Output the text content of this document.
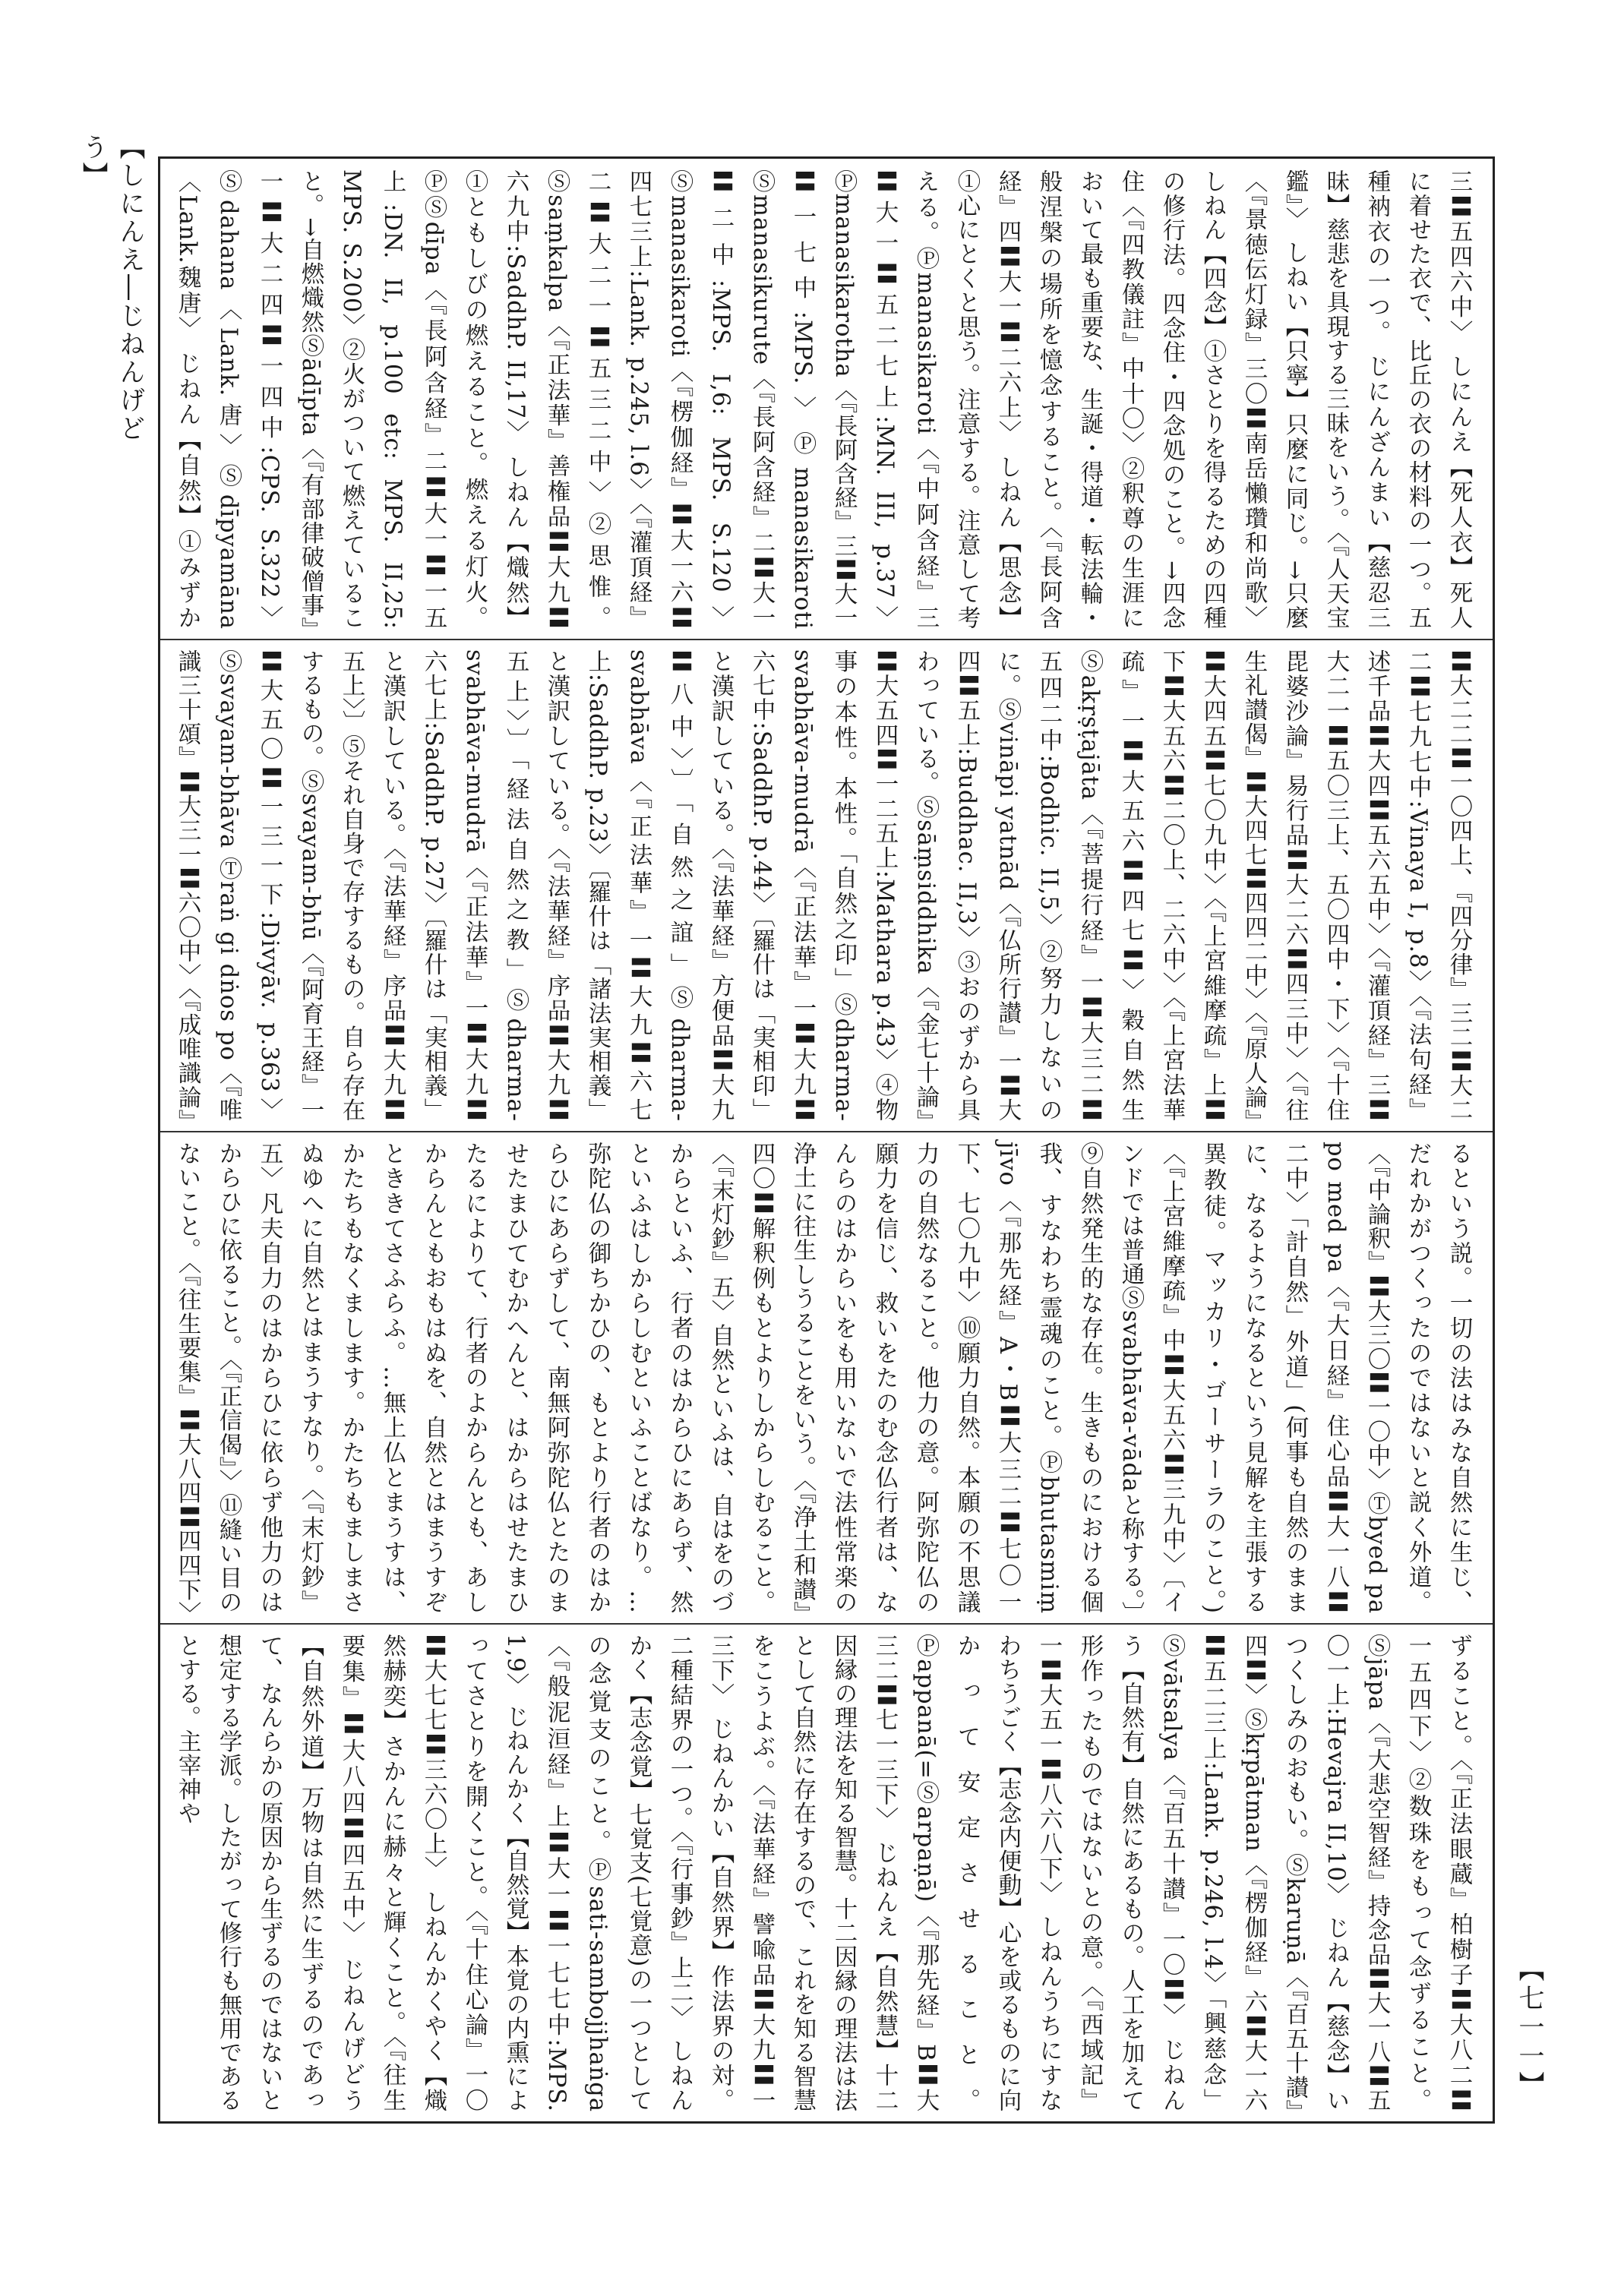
【しにんえ―じねんげどう】
三〓五四六中〉 しにんえ【死人衣】死人に着せた衣で、比丘の衣の材料の一つ。五種衲衣の一つ。 じにんざんまい【慈忍三昧】慈悲を具現する三昧をいう。〈『人天宝鑑』〉 しねい【只寧】只麼に同じ。→只麼〈『景徳伝灯録』三〇〓南岳懶瓚和尚歌〉 しねん【四念】①さとりを得るための四種の修行法。四念住・四念処のこと。→四念住〈『四教儀註』中十〇〉②釈尊の生涯において最も重要な、生誕・得道・転法輪・般涅槃の場所を憶念すること。〈『長阿含経』四〓大一〓二六上〉 しねん【思念】①心にとくと思う。注意する。注意して考える。Ⓟmanasikaroti〈『中阿含経』三〓大一〓五二七上:MN. III, p.37〉Ⓟmanasikarotha〈『長阿含経』三〓大一〓一七中:MPS.〉Ⓟmanasikaroti Ⓢmanasikurute〈『長阿含経』二〓大一〓二中:MPS. I,6: MPS. S.120〉Ⓢmanasikaroti〈『楞伽経』〓大一六〓四七三上:Lank. p.245, l.6〉〈『灌頂経』二〓大二一〓五三二中〉②思惟。Ⓢsaṃkalpa〈『正法華』善権品〓大九〓六九中:SaddhP. II,17〉 しねん【熾然】①ともしびの燃えること。燃える灯火。ⓅⓈdīpa〈『長阿含経』二〓大一〓一五上:DN. II, p.100 etc: MPS. II,25: MPS. S.200〉②火がついて燃えていること。→自燃熾然Ⓢādīpta〈『有部律破僧事』一〓大二四〓一四中:CPS. S.322〉Ⓢdahana〈Lank.唐〉Ⓢdīpyamāna〈Lank.魏唐〉 じねん【自然】①みずか
〓大二二〓一〇四上、『四分律』三二〓大二二〓七九七中:Vinaya I, p.8〉〈『法句経』述千品〓大四〓五六五中〉〈『灌頂経』三〓大二一〓五〇三上、五〇四中・下〉〈『十住毘婆沙論』易行品〓大二六〓四三中〉〈『往生礼讃偈』〓大四七〓四四二中〉〈『原人論』〓大四五〓七〇九中〉〈『上宮維摩疏』上〓下〓大五六〓二〇上、二六中〉〈『上宮法華疏』一〓大五六〓四七〓〉穀自然生Ⓢakṛṣṭajāta〈『菩提行経』一〓大三二〓五四二中:Bodhic. II,5〉②努力しないのに。Ⓢvināpi yatnād〈『仏所行讃』一〓大四〓五上:Buddhac. II,3〉③おのずから具わっている。Ⓢsāṃsiddhika〈『金七十論』〓大五四〓一二五上:Mathara p.43〉④物事の本性。本性。「自然之印」Ⓢdharma-svabhāva-mudrā〈『正法華』一〓大九〓六七中:SaddhP. p.44〉〔羅什は「実相印」と漢訳している。〈『法華経』方便品〓大九〓八中〉〕「自然之誼」Ⓢdharma-svabhāva〈『正法華』一〓大九〓六七上:SaddhP. p.23〉〔羅什は「諸法実相義」と漢訳している。〈『法華経』序品〓大九〓五上〉〕「経法自然之教」Ⓢdharma-svabhāva-mudrā〈『正法華』一〓大九〓六七上:SaddhP. p.27〉〔羅什は「実相義」と漢訳している。〈『法華経』序品〓大九〓五上〉〕⑤それ自身で存するもの。自ら存在するもの。Ⓢsvayam-bhū〈『阿育王経』一〓大五〇〓一三一下:Divyāv. p.363〉Ⓢsvayam-bhāva Ⓣraṅ gi dṅos po〈『唯識三十頌』〓大三一〓六〇中〉〈『成唯識論』
るという説。一切の法はみな自然に生じ、だれかがつくったのではないと説く外道。〈『中論釈』〓大三〇〓一〇中〉Ⓣbyed pa po med pa〈『大日経』住心品〓大一八〓二中〉「計自然」外道」(何事も自然のままに、なるようになるという見解を主張する異教徒。マッカリ・ゴーサーラのこと。)〈『上宮維摩疏』中〓大五六〓三九中〉〔インドでは普通Ⓢsvabhāva-vādaと称する。〕⑨自然発生的な存在。生きものにおける個我、すなわち霊魂のこと。Ⓟbhutasmiṃ jīvo〈『那先経』A・B〓大三二〓七〇一下、七〇九中〉⑩願力自然。本願の不思議力の自然なること。他力の意。阿弥陀仏の願力を信じ、救いをたのむ念仏行者は、なんらのはからいをも用いないで法性常楽の浄土に往生しうることをいう。〈『浄土和讃』四〇〓解釈例もとよりしからしむること。〈『末灯鈔』五〉自然といふは、自はをのづからといふ、行者のはからひにあらず、然といふはしからしむといふことばなり。…弥陀仏の御ちかひの、もとより行者のはからひにあらずして、南無阿弥陀仏とたのませたまひてむかへんと、はからはせたまひたるによりて、行者のよからんとも、あしからんともおもはぬを、自然とはまうすぞとききてさふらふ。…無上仏とまうすは、かたちもなくまします。かたちもましまさぬゆへに自然とはまうすなり。〈『末灯鈔』五〉凡夫自力のはからひに依らず他力のはからひに依ること。〈『正信偈』〉⑪縫い目のないこと。〈『往生要集』〓大八四〓四四下〉
ずること。〈『正法眼蔵』柏樹子〓大八二〓一五四下〉②数珠をもって念ずること。Ⓢjāpa〈『大悲空智経』持念品〓大一八〓五〇一上:Hevajra II,10〉 じねん【慈念】いつくしみのおもい。Ⓢkaruṇā〈『百五十讃』四〓〉Ⓢkṛpātman〈『楞伽経』六〓大一六〓五二三上:Lank. p.246, l.4〉「興慈念」Ⓢvātsalya〈『百五十讃』一〇〓〉 じねんう【自然有】自然にあるもの。人工を加えて形作ったものではないとの意。〈『西域記』一〓大五一〓八六八下〉 しねんうちにすなわちうごく【志念内便動】心を或るものに向かって安定させること。Ⓟappanā(=Ⓢarpaṇā)〈『那先経』B〓大三二〓七一三下〉 じねんえ【自然慧】十二因縁の理法を知る智慧。十二因縁の理法は法として自然に存在するので、これを知る智慧をこうよぶ。〈『法華経』譬喩品〓大九〓一三下〉 じねんかい【自然界】作法界の対。二種結界の一つ。〈『行事鈔』上二〉 しねんかく【志念覚】七覚支(七覚意)の一つとしての念覚支のこと。Ⓟsati-sambojjhaṅga〈『般泥洹経』上〓大一〓一七七中:MPS. 1,9〉 じねんかく【自然覚】本覚の内熏によってさとりを開くこと。〈『十住心論』一〇〓大七七〓三六〇上〉 しねんかくやく【熾然赫奕】さかんに赫々と輝くこと。〈『往生要集』〓大八四〓四五中〉 じねんげどう【自然外道】万物は自然に生ずるのであって、なんらかの原因から生ずるのではないと想定する学派。したがって修行も無用であるとする。主宰神や
【七一一】
